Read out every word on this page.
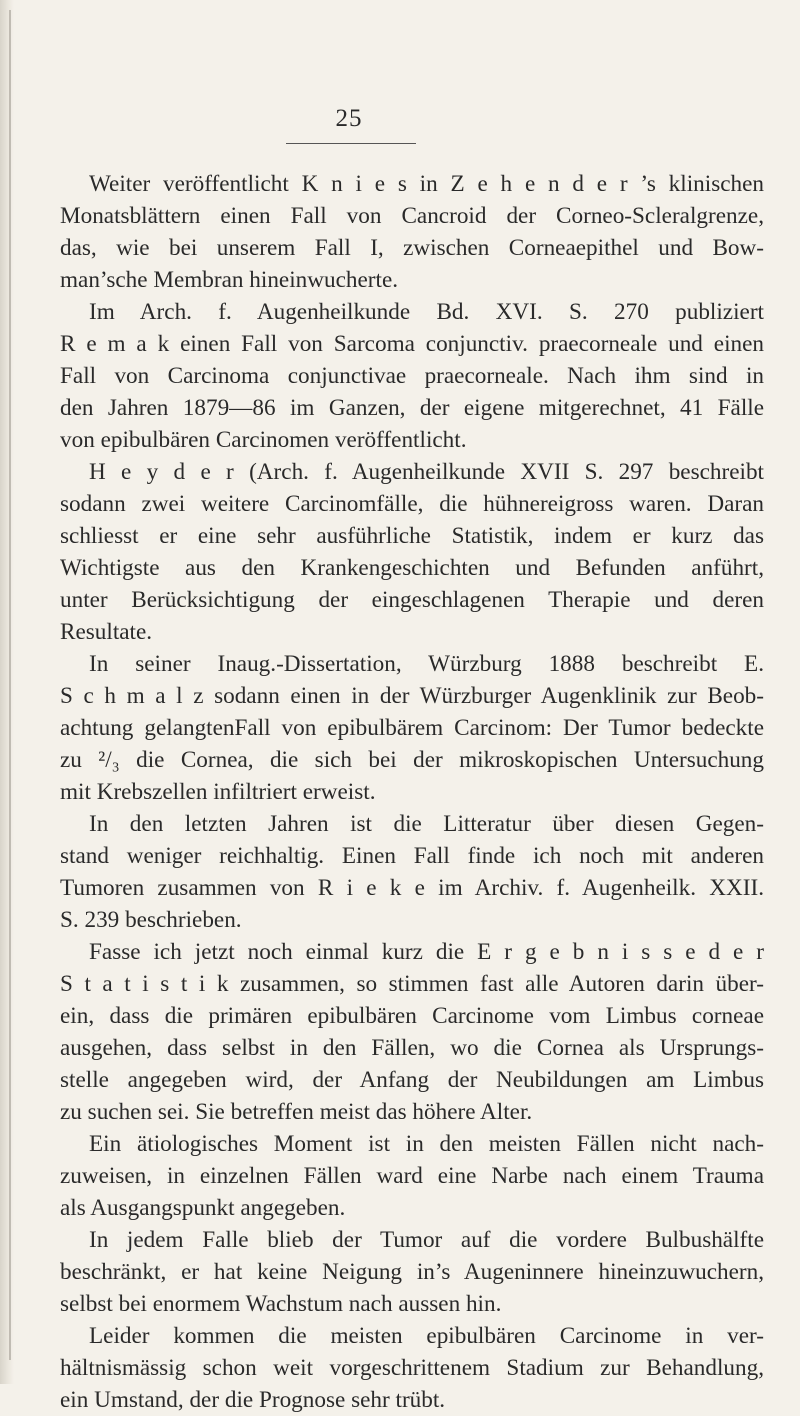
25
Weiter veröffentlicht K n i e s in Z e h e n d e r ’s klinischen
Monatsblättern einen Fall von Cancroid der Corneo-Scleralgrenze,
das, wie bei unserem Fall I, zwischen Corneaepithel und Bow-
man’sche Membran hineinwucherte.
Im Arch. f. Augenheilkunde Bd. XVI. S. 270 publiziert
R e m a k einen Fall von Sarcoma conjunctiv. praecorneale und einen
Fall von Carcinoma conjunctivae praecorneale. Nach ihm sind in
den Jahren 1879—86 im Ganzen, der eigene mitgerechnet, 41 Fälle
von epibulbären Carcinomen veröffentlicht.
H e y d e r (Arch. f. Augenheilkunde XVII S. 297 beschreibt
sodann zwei weitere Carcinomfälle, die hühnereigross waren. Daran
schliesst er eine sehr ausführliche Statistik, indem er kurz das
Wichtigste aus den Krankengeschichten und Befunden anführt,
unter Berücksichtigung der eingeschlagenen Therapie und deren
Resultate.
In seiner Inaug.-Dissertation, Würzburg 1888 beschreibt E.
S c h m a l z sodann einen in der Würzburger Augenklinik zur Beob-
achtung gelangtenFall von epibulbärem Carcinom: Der Tumor bedeckte
zu ²/₃ die Cornea, die sich bei der mikroskopischen Untersuchung
mit Krebszellen infiltriert erweist.
In den letzten Jahren ist die Litteratur über diesen Gegen-
stand weniger reichhaltig. Einen Fall finde ich noch mit anderen
Tumoren zusammen von R i e k e im Archiv. f. Augenheilk. XXII.
S. 239 beschrieben.
Fasse ich jetzt noch einmal kurz die E r g e b n i s s e d e r
S t a t i s t i k zusammen, so stimmen fast alle Autoren darin über-
ein, dass die primären epibulbären Carcinome vom Limbus corneae
ausgehen, dass selbst in den Fällen, wo die Cornea als Ursprungs-
stelle angegeben wird, der Anfang der Neubildungen am Limbus
zu suchen sei. Sie betreffen meist das höhere Alter.
Ein ätiologisches Moment ist in den meisten Fällen nicht nach-
zuweisen, in einzelnen Fällen ward eine Narbe nach einem Trauma
als Ausgangspunkt angegeben.
In jedem Falle blieb der Tumor auf die vordere Bulbushälfte
beschränkt, er hat keine Neigung in’s Augeninnere hineinzuwuchern,
selbst bei enormem Wachstum nach aussen hin.
Leider kommen die meisten epibulbären Carcinome in ver-
hältnismässig schon weit vorgeschrittenem Stadium zur Behandlung,
ein Umstand, der die Prognose sehr trübt.
